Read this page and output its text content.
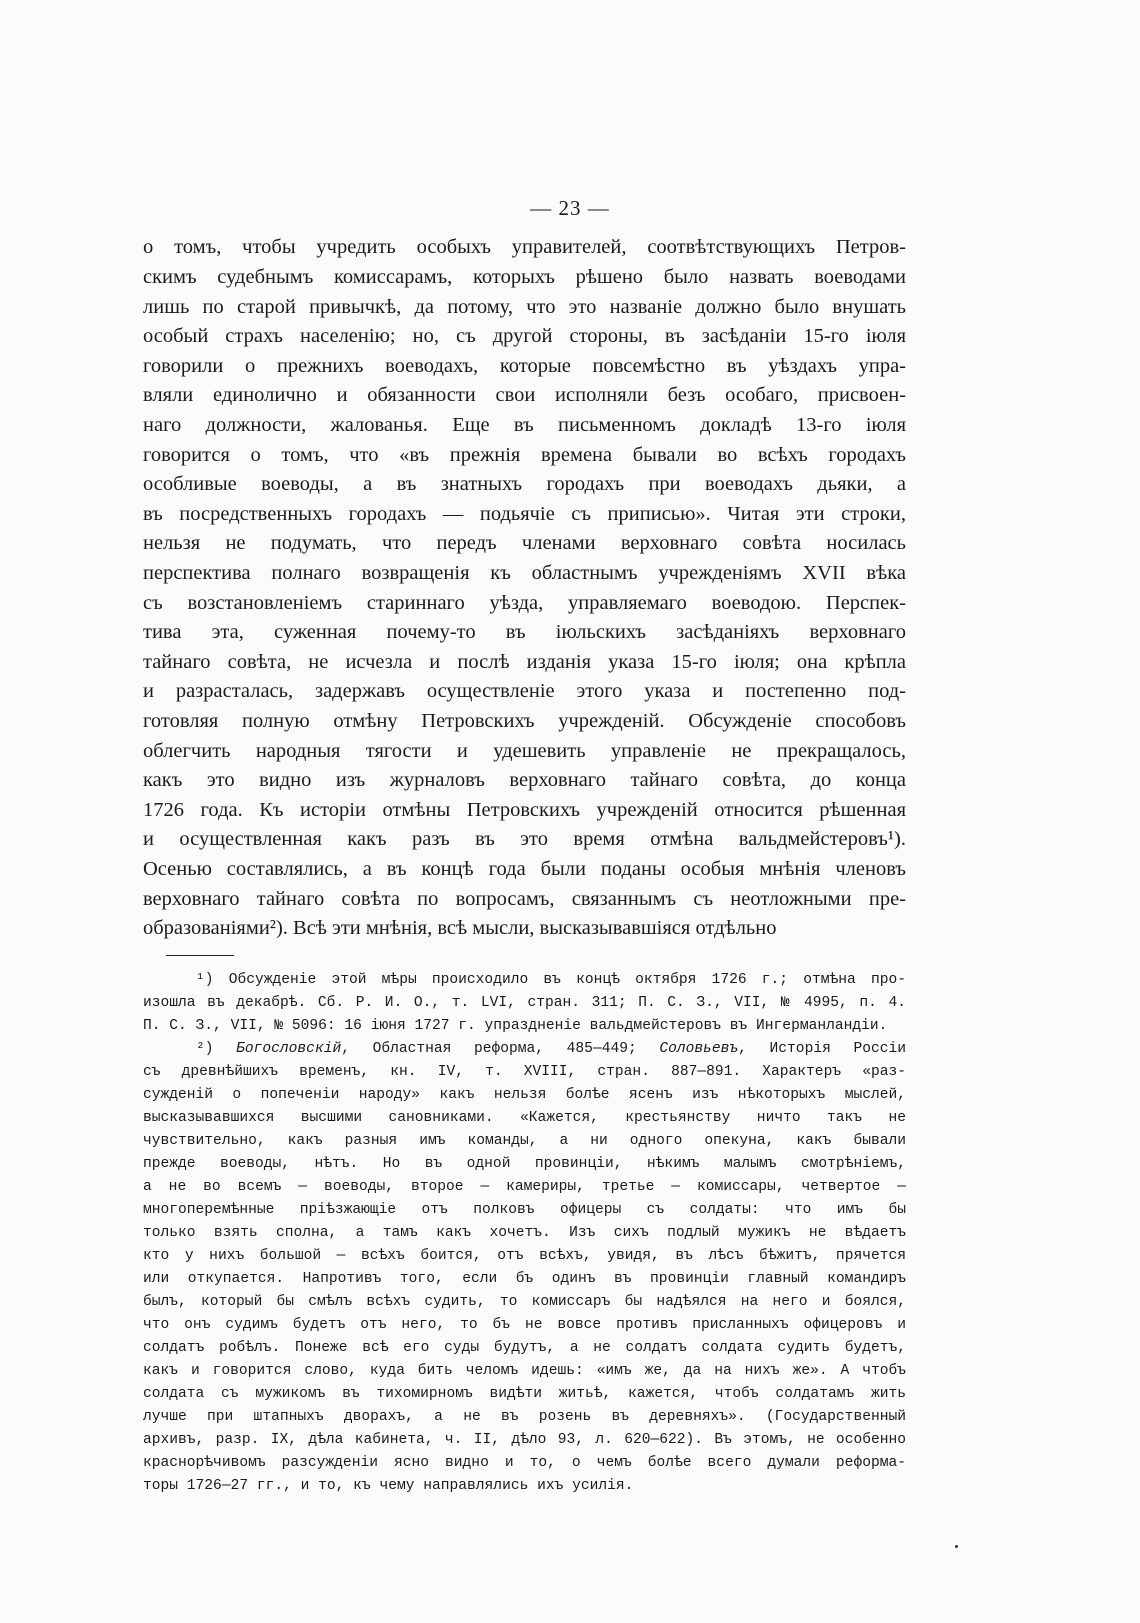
— 23 —
о томъ, чтобы учредить особыхъ управителей, соотвѣтствующихъ Петров-
скимъ судебнымъ комиссарамъ, которыхъ рѣшено было назвать воеводами
лишь по старой привычкѣ, да потому, что это названіе должно было внушать
особый страхъ населенію; но, съ другой стороны, въ засѣданіи 15-го іюля
говорили о прежнихъ воеводахъ, которые повсемѣстно въ уѣздахъ упра-
вляли единолично и обязанности свои исполняли безъ особаго, присвоен-
наго должности, жалованья. Еще въ письменномъ докладѣ 13-го іюля
говорится о томъ, что «въ прежнія времена бывали во всѣхъ городахъ
особливые воеводы, а въ знатныхъ городахъ при воеводахъ дьяки, а
въ посредственныхъ городахъ — подьячіе съ приписью». Читая эти строки,
нельзя не подумать, что передъ членами верховнаго совѣта носилась
перспектива полнаго возвращенія къ областнымъ учрежденіямъ XVII вѣка
съ возстановленіемъ стариннаго уѣзда, управляемаго воеводою. Перспек-
тива эта, суженная почему-то въ іюльскихъ засѣданіяхъ верховнаго
тайнаго совѣта, не исчезла и послѣ изданія указа 15-го іюля; она крѣпла
и разрасталась, задержавъ осуществленіе этого указа и постепенно под-
готовляя полную отмѣну Петровскихъ учрежденій. Обсужденіе способовъ
облегчить народныя тягости и удешевить управленіе не прекращалось,
какъ это видно изъ журналовъ верховнаго тайнаго совѣта, до конца
1726 года. Къ исторіи отмѣны Петровскихъ учрежденій относится рѣшенная
и осуществленная какъ разъ въ это время отмѣна вальдмейстеровъ¹).
Осенью составлялись, а въ концѣ года были поданы особыя мнѣнія членовъ
верховнаго тайнаго совѣта по вопросамъ, связаннымъ съ неотложными пре-
образованіями²). Всѣ эти мнѣнія, всѣ мысли, высказывавшіяся отдѣльно
¹) Обсужденіе этой мѣры происходило въ концѣ октября 1726 г.; отмѣна про-
изошла въ декабрѣ. Сб. Р. И. О., т. LVI, стран. 311; П. С. З., VII, № 4995, п. 4.
П. С. З., VII, № 5096: 16 іюня 1727 г. упраздненіе вальдмейстеровъ въ Ингерманландіи.
²) Богословскій, Областная реформа, 485—449; Соловьевъ, Исторія Россіи
съ древнѣйшихъ временъ, кн. IV, т. XVIII, стран. 887—891. Характеръ «раз-
сужденій о попеченіи народу» какъ нельзя болѣе ясенъ изъ нѣкоторыхъ мыслей,
высказывавшихся высшими сановниками. «Кажется, крестьянству ничто такъ не
чувствительно, какъ разныя имъ команды, а ни одного опекуна, какъ бывали
прежде воеводы, нѣтъ. Но въ одной провинціи, нѣкимъ малымъ смотрѣніемъ,
а не во всемъ — воеводы, второе — камериры, третье — комиссары, четвертое —
многоперемѣнные пріѣзжающіе отъ полковъ офицеры съ солдаты: что имъ бы
только взять сполна, а тамъ какъ хочетъ. Изъ сихъ подлый мужикъ не вѣдаетъ
кто у нихъ большой — всѣхъ боится, отъ всѣхъ, увидя, въ лѣсъ бѣжитъ, прячется
или откупается. Напротивъ того, если бъ одинъ въ провинціи главный командиръ
былъ, который бы смѣлъ всѣхъ судить, то комиссаръ бы надѣялся на него и боялся,
что онъ судимъ будетъ отъ него, то бъ не вовсе противъ присланныхъ офицеровъ и
солдатъ робѣлъ. Понеже всѣ его суды будутъ, а не солдатъ солдата судить будетъ,
какъ и говорится слово, куда бить челомъ идешь: «имъ же, да на нихъ же». А чтобъ
солдата съ мужикомъ въ тихомирномъ видѣти житьѣ, кажется, чтобъ солдатамъ жить
лучше при штапныхъ дворахъ, а не въ розень въ деревняхъ». (Государственный
архивъ, разр. IX, дѣла кабинета, ч. II, дѣло 93, л. 620—622). Въ этомъ, не особенно
краснорѣчивомъ разсужденіи ясно видно и то, о чемъ болѣе всего думали реформа-
торы 1726—27 гг., и то, къ чему направлялись ихъ усилія.
